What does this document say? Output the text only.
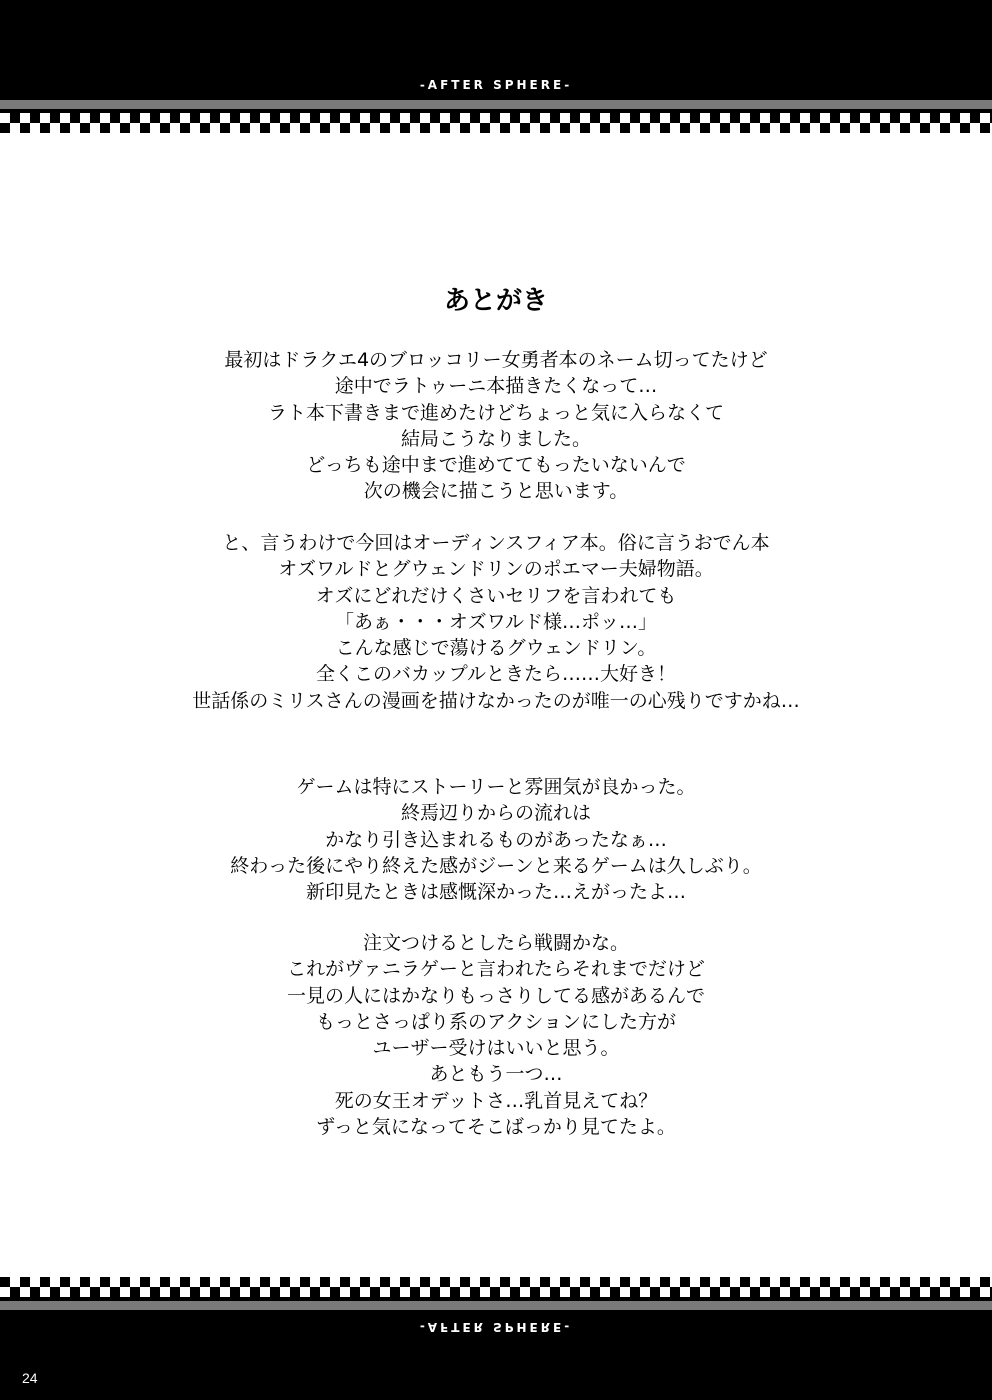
-AFTER SPHERE-
あとがき
最初はドラクエ4のブロッコリー女勇者本のネーム切ってたけど
途中でラトゥーニ本描きたくなって…
ラト本下書きまで進めたけどちょっと気に入らなくて
結局こうなりました。
どっちも途中まで進めててもったいないんで
次の機会に描こうと思います。
と、言うわけで今回はオーディンスフィア本。俗に言うおでん本
オズワルドとグウェンドリンのポエマー夫婦物語。
オズにどれだけくさいセリフを言われても
「あぁ・・・オズワルド様…ポッ…」
こんな感じで蕩けるグウェンドリン。
全くこのバカップルときたら……大好き！
世話係のミリスさんの漫画を描けなかったのが唯一の心残りですかね…
ゲームは特にストーリーと雰囲気が良かった。
終焉辺りからの流れは
かなり引き込まれるものがあったなぁ…
終わった後にやり終えた感がジーンと来るゲームは久しぶり。
新印見たときは感慨深かった…えがったよ…
注文つけるとしたら戦闘かな。
これがヴァニラゲーと言われたらそれまでだけど
一見の人にはかなりもっさりしてる感があるんで
もっとさっぱり系のアクションにした方が
ユーザー受けはいいと思う。
あともう一つ…
死の女王オデットさ…乳首見えてね？
ずっと気になってそこばっかり見てたよ。
-AFTER SPHERE-
24
